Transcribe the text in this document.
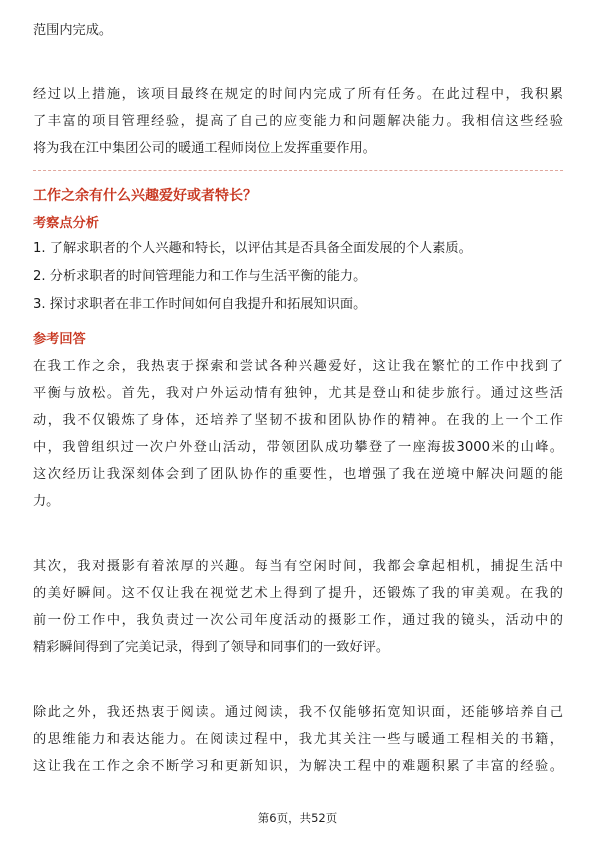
范围内完成。
经过以上措施，该项目最终在规定的时间内完成了所有任务。在此过程中，我积累
了丰富的项目管理经验，提高了自己的应变能力和问题解决能力。我相信这些经验
将为我在江中集团公司的暖通工程师岗位上发挥重要作用。
工作之余有什么兴趣爱好或者特长？
考察点分析
1. 了解求职者的个人兴趣和特长，以评估其是否具备全面发展的个人素质。
2. 分析求职者的时间管理能力和工作与生活平衡的能力。
3. 探讨求职者在非工作时间如何自我提升和拓展知识面。
参考回答
在我工作之余，我热衷于探索和尝试各种兴趣爱好，这让我在繁忙的工作中找到了
平衡与放松。首先，我对户外运动情有独钟，尤其是登山和徒步旅行。通过这些活
动，我不仅锻炼了身体，还培养了坚韧不拔和团队协作的精神。在我的上一个工作
中，我曾组织过一次户外登山活动，带领团队成功攀登了一座海拔3000米的山峰。
这次经历让我深刻体会到了团队协作的重要性，也增强了我在逆境中解决问题的能
力。
其次，我对摄影有着浓厚的兴趣。每当有空闲时间，我都会拿起相机，捕捉生活中
的美好瞬间。这不仅让我在视觉艺术上得到了提升，还锻炼了我的审美观。在我的
前一份工作中，我负责过一次公司年度活动的摄影工作，通过我的镜头，活动中的
精彩瞬间得到了完美记录，得到了领导和同事们的一致好评。
除此之外，我还热衷于阅读。通过阅读，我不仅能够拓宽知识面，还能够培养自己
的思维能力和表达能力。在阅读过程中，我尤其关注一些与暖通工程相关的书籍，
这让我在工作之余不断学习和更新知识，为解决工程中的难题积累了丰富的经验。
第6页，共52页
